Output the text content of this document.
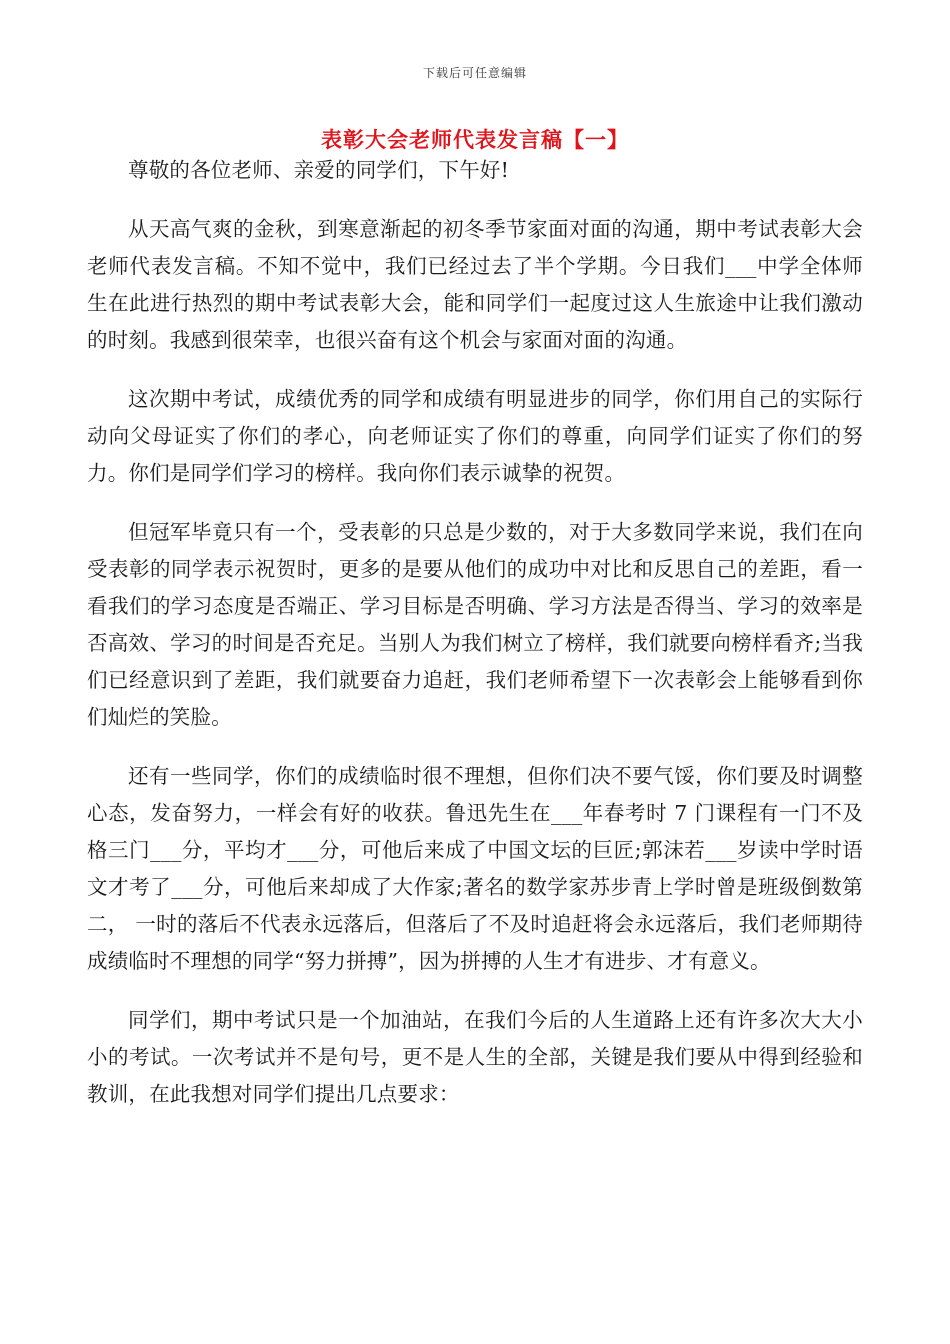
下载后可任意编辑
表彰大会老师代表发言稿【一】

尊敬的各位老师、亲爱的同学们，下午好!

从天高气爽的金秋，到寒意渐起的初冬季节家面对面的沟通，期中考试表彰大会 老师代表发言稿。不知不觉中，我们已经过去了半个学期。今日我们___中学全体师生在此进行热烈的期中考试表彰大会，能和同学们一起度过这人生旅途中让我们激动的时刻。我感到很荣幸，也很兴奋有这个机会与家面对面的沟通。

这次期中考试，成绩优秀的同学和成绩有明显进步的同学，你们用自己的实际行动向父母证实了你们的孝心，向老师证实了你们的尊重，向同学们证实了你们的努力。你们是同学们学习的榜样。我向你们表示诚挚的祝贺。

但冠军毕竟只有一个，受表彰的只总是少数的，对于大多数同学来说，我们在向受表彰的同学表示祝贺时，更多的是要从他们的成功中对比和反思自己的差距，看一看我们的学习态度是否端正、学习目标是否明确、学习方法是否得当、学习的效率是否高效、学习的时间是否充足。当别人为我们树立了榜样，我们就要向榜样看齐;当我们已经意识到了差距，我们就要奋力追赶，我们老师希望下一次表彰会上能够看到你们灿烂的笑脸。

还有一些同学，你们的成绩临时很不理想，但你们决不要气馁，你们要及时调整心态，发奋努力，一样会有好的收获。鲁迅先生在___年春考时 7 门课程有一门不及格三门___分，平均才___分，可他后来成了中国文坛的巨匠;郭沫若___岁读中学时语文才考了___分，可他后来却成了大作家;著名的数学家苏步青上学时曾是班级倒数第二， 一时的落后不代表永远落后，但落后了不及时追赶将会永远落后，我们老师期待成绩临时不理想的同学“努力拼搏”，因为拼搏的人生才有进步、才有意义。

同学们，期中考试只是一个加油站，在我们今后的人生道路上还有许多次大大小小的考试。一次考试并不是句号，更不是人生的全部，关键是我们要从中得到经验和教训，在此我想对同学们提出几点要求：
